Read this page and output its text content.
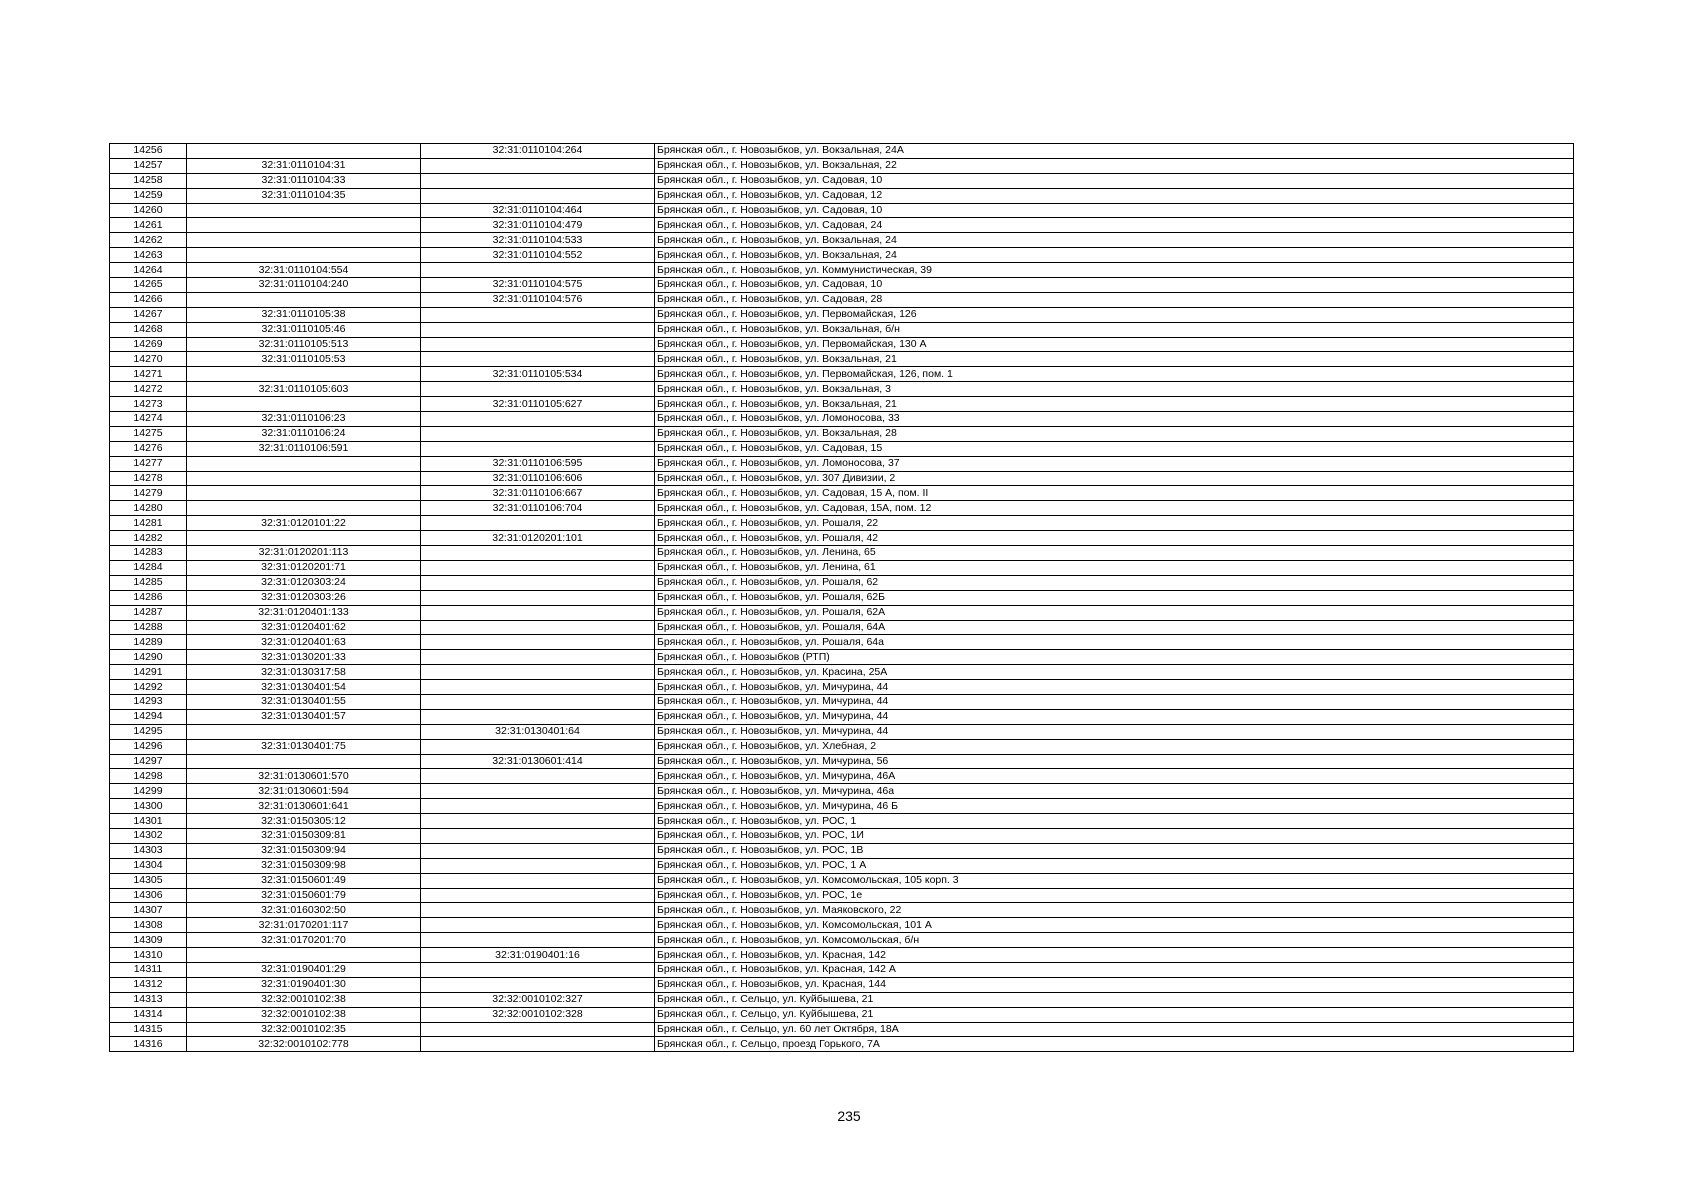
14256		32:31:0110104:264	Брянская обл., г. Новозыбков, ул. Вокзальная, 24А
14257	32:31:0110104:31		Брянская обл., г. Новозыбков, ул. Вокзальная, 22
14258	32:31:0110104:33		Брянская обл., г. Новозыбков, ул. Садовая, 10
14259	32:31:0110104:35		Брянская обл., г. Новозыбков, ул. Садовая, 12
14260		32:31:0110104:464	Брянская обл., г. Новозыбков, ул. Садовая, 10
14261		32:31:0110104:479	Брянская обл., г. Новозыбков, ул. Садовая, 24
14262		32:31:0110104:533	Брянская обл., г. Новозыбков, ул. Вокзальная, 24
14263		32:31:0110104:552	Брянская обл., г. Новозыбков, ул. Вокзальная, 24
14264	32:31:0110104:554		Брянская обл., г. Новозыбков, ул. Коммунистическая, 39
14265	32:31:0110104:240	32:31:0110104:575	Брянская обл., г. Новозыбков, ул. Садовая, 10
14266		32:31:0110104:576	Брянская обл., г. Новозыбков, ул. Садовая, 28
14267	32:31:0110105:38		Брянская обл., г. Новозыбков, ул. Первомайская, 126
14268	32:31:0110105:46		Брянская обл., г. Новозыбков, ул. Вокзальная, б/н
14269	32:31:0110105:513		Брянская обл., г. Новозыбков, ул. Первомайская, 130 А
14270	32:31:0110105:53		Брянская обл., г. Новозыбков, ул. Вокзальная, 21
14271		32:31:0110105:534	Брянская обл., г. Новозыбков, ул. Первомайская, 126, пом. 1
14272	32:31:0110105:603		Брянская обл., г. Новозыбков, ул. Вокзальная, 3
14273		32:31:0110105:627	Брянская обл., г. Новозыбков, ул. Вокзальная, 21
14274	32:31:0110106:23		Брянская обл., г. Новозыбков, ул. Ломоносова, 33
14275	32:31:0110106:24		Брянская обл., г. Новозыбков, ул. Вокзальная, 28
14276	32:31:0110106:591		Брянская обл., г. Новозыбков, ул. Садовая, 15
14277		32:31:0110106:595	Брянская обл., г. Новозыбков, ул. Ломоносова, 37
14278		32:31:0110106:606	Брянская обл., г. Новозыбков, ул. 307 Дивизии, 2
14279		32:31:0110106:667	Брянская обл., г. Новозыбков, ул. Садовая, 15 А, пом. II
14280		32:31:0110106:704	Брянская обл., г. Новозыбков, ул. Садовая, 15А, пом. 12
14281	32:31:0120101:22		Брянская обл., г. Новозыбков, ул. Рошаля, 22
14282		32:31:0120201:101	Брянская обл., г. Новозыбков, ул. Рошаля, 42
14283	32:31:0120201:113		Брянская обл., г. Новозыбков, ул. Ленина, 65
14284	32:31:0120201:71		Брянская обл., г. Новозыбков, ул. Ленина, 61
14285	32:31:0120303:24		Брянская обл., г. Новозыбков, ул. Рошаля, 62
14286	32:31:0120303:26		Брянская обл., г. Новозыбков, ул. Рошаля, 62Б
14287	32:31:0120401:133		Брянская обл., г. Новозыбков, ул. Рошаля, 62А
14288	32:31:0120401:62		Брянская обл., г. Новозыбков, ул. Рошаля, 64А
14289	32:31:0120401:63		Брянская обл., г. Новозыбков, ул. Рошаля, 64а
14290	32:31:0130201:33		Брянская обл., г. Новозыбков (РТП)
14291	32:31:0130317:58		Брянская обл., г. Новозыбков, ул. Красина, 25А
14292	32:31:0130401:54		Брянская обл., г. Новозыбков, ул. Мичурина, 44
14293	32:31:0130401:55		Брянская обл., г. Новозыбков, ул. Мичурина, 44
14294	32:31:0130401:57		Брянская обл., г. Новозыбков, ул. Мичурина, 44
14295		32:31:0130401:64	Брянская обл., г. Новозыбков, ул. Мичурина, 44
14296	32:31:0130401:75		Брянская обл., г. Новозыбков, ул. Хлебная, 2
14297		32:31:0130601:414	Брянская обл., г. Новозыбков, ул. Мичурина, 56
14298	32:31:0130601:570		Брянская обл., г. Новозыбков, ул. Мичурина, 46А
14299	32:31:0130601:594		Брянская обл., г. Новозыбков, ул. Мичурина, 46а
14300	32:31:0130601:641		Брянская обл., г. Новозыбков, ул. Мичурина, 46 Б
14301	32:31:0150305:12		Брянская обл., г. Новозыбков, ул. РОС, 1
14302	32:31:0150309:81		Брянская обл., г. Новозыбков, ул. РОС, 1И
14303	32:31:0150309:94		Брянская обл., г. Новозыбков, ул. РОС, 1В
14304	32:31:0150309:98		Брянская обл., г. Новозыбков, ул. РОС, 1 А
14305	32:31:0150601:49		Брянская обл., г. Новозыбков, ул. Комсомольская, 105 корп. 3
14306	32:31:0150601:79		Брянская обл., г. Новозыбков, ул. РОС, 1е
14307	32:31:0160302:50		Брянская обл., г. Новозыбков, ул. Маяковского, 22
14308	32:31:0170201:117		Брянская обл., г. Новозыбков, ул. Комсомольская, 101 А
14309	32:31:0170201:70		Брянская обл., г. Новозыбков, ул. Комсомольская, б/н
14310		32:31:0190401:16	Брянская обл., г. Новозыбков, ул. Красная, 142
14311	32:31:0190401:29		Брянская обл., г. Новозыбков, ул. Красная, 142 А
14312	32:31:0190401:30		Брянская обл., г. Новозыбков, ул. Красная, 144
14313	32:32:0010102:38	32:32:0010102:327	Брянская обл., г. Сельцо, ул. Куйбышева, 21
14314	32:32:0010102:38	32:32:0010102:328	Брянская обл., г. Сельцо, ул. Куйбышева, 21
14315	32:32:0010102:35		Брянская обл., г. Сельцо, ул. 60 лет Октября, 18А
14316	32:32:0010102:778		Брянская обл., г. Сельцо, проезд Горького, 7А
235
